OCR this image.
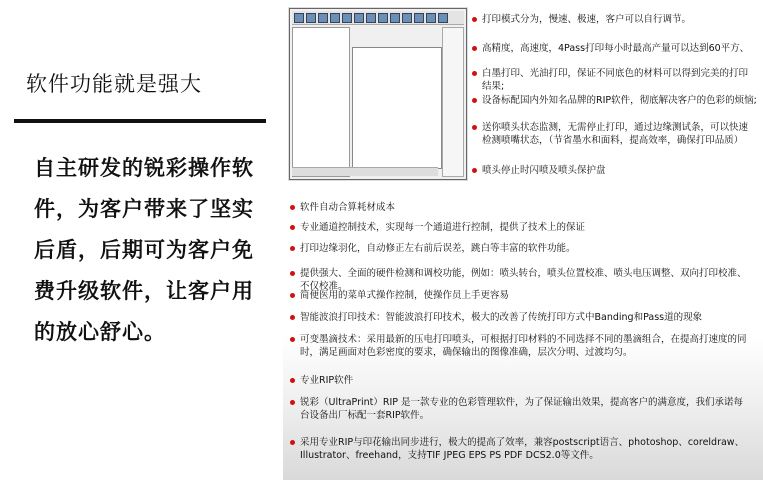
软件功能就是强大
自主研发的锐彩操作软件，为客户带来了坚实后盾，后期可为客户免费升级软件，让客户用的放心舒心。
打印模式分为，慢速、极速，客户可以自行调节。
高精度，高速度，4Pass打印每小时最高产量可以达到60平方、
白墨打印、光油打印，保证不同底色的材料可以得到完美的打印结果;
设备标配国内外知名品牌的RIP软件，彻底解决客户的色彩的烦恼;
送你喷头状态监测，无需停止打印，通过边缘测试条，可以快速检测喷嘴状态，（节省墨水和面料，提高效率，确保打印品质）
喷头停止时闪喷及喷头保护盘
软件自动合算耗材成本
专业通道控制技术，实现每一个通道进行控制，提供了技术上的保证
打印边缘羽化，自动修正左右前后误差，跳白等丰富的软件功能。
提供强大、全面的硬件检测和调校功能，例如：喷头转台，喷头位置校准、喷头电压调整、双向打印校准、不仅校准。
简便医用的菜单式操作控制，使操作员上手更容易
智能波浪打印技术：智能波浪打印技术，极大的改善了传统打印方式中Banding和Pass道的现象
可变墨滴技术：采用最新的压电打印喷头，可根据打印材料的不同选择不同的墨滴组合，在提高打速度的同时，满足画面对色彩密度的要求，确保输出的图像准确，层次分明、过渡均匀。
专业RIP软件
锐彩（UltraPrint）RIP 是一款专业的色彩管理软件，为了保证输出效果，提高客户的满意度，我们承诺每台设备出厂标配一套RIP软件。
采用专业RIP与印花输出同步进行，极大的提高了效率，兼容postscript语言、photoshop、coreldraw、Illustrator、freehand，支持TIF JPEG EPS PS PDF DCS2.0等文件。
